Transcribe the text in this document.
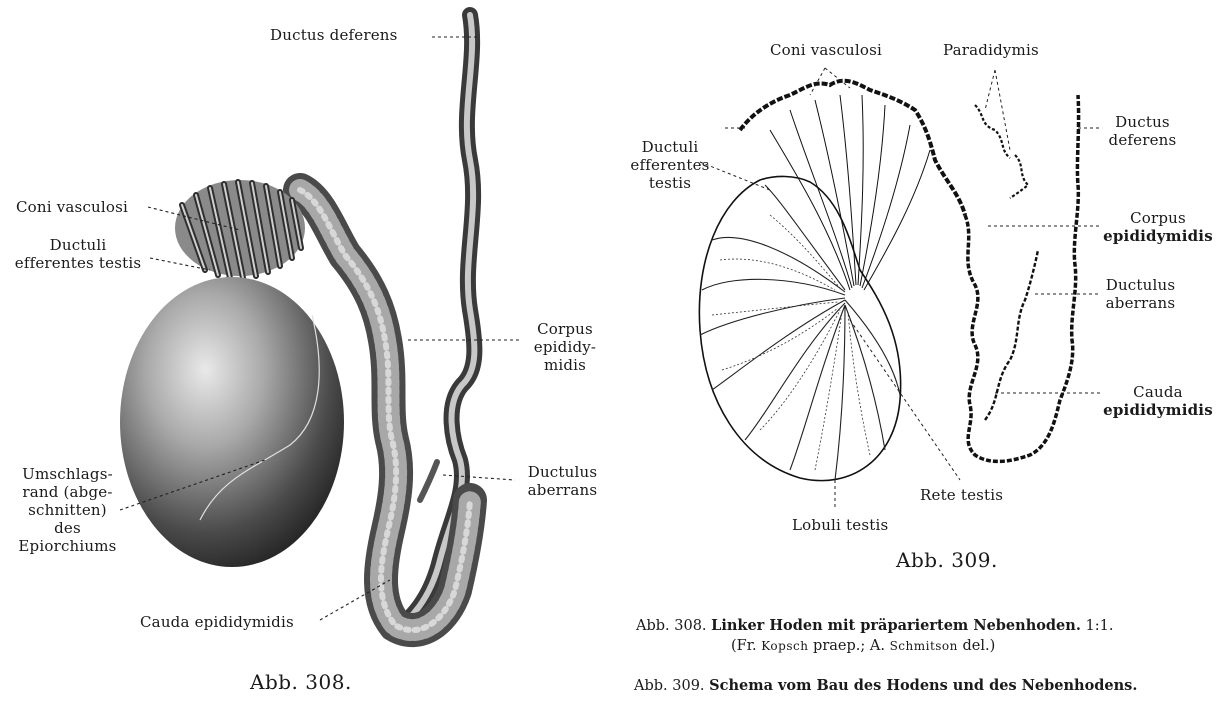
Ductus deferens
Coni vasculosi
Ductuli
efferentes testis
Corpus
epididy-
midis
Umschlags-
rand (abge-
schnitten)
des
Epiorchiums
Ductulus
aberrans
Cauda epididymidis
Abb. 308.
Coni vasculosi	Paradidymis
Ductuli
efferentes
testis
Ductus
deferens
Corpus
epididymidis
Ductulus
aberrans
Cauda
epididymidis
Rete testis
Lobuli testis
Abb. 309.
Abb. 308. Linker Hoden mit präpariertem Nebenhoden. 1:1.
(Fr. Kopsch praep.; A. Schmitson del.)
Abb. 309. Schema vom Bau des Hodens und des Nebenhodens.
